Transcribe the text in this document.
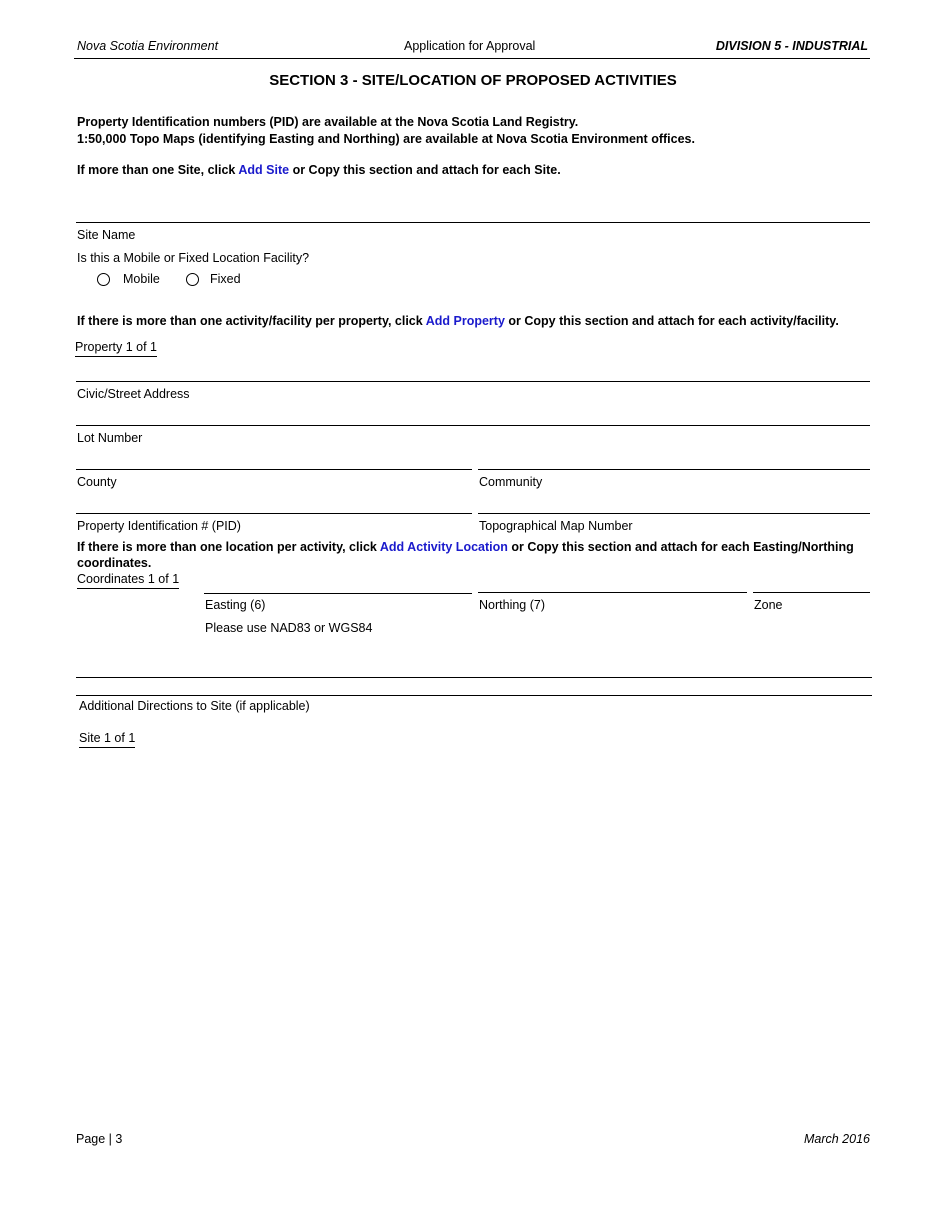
Nova Scotia Environment	Application for Approval	DIVISION 5 - INDUSTRIAL
SECTION 3 - SITE/LOCATION OF PROPOSED ACTIVITIES
Property Identification numbers (PID) are available at the Nova Scotia Land Registry.
1:50,000 Topo Maps (identifying Easting and Northing) are available at Nova Scotia Environment offices.
If more than one Site, click Add Site or Copy this section and attach for each Site.
Site Name
Is this a Mobile or Fixed Location Facility?
Mobile	Fixed
If there is more than one activity/facility per property, click Add Property or Copy this section and attach for each activity/facility.
Property 1 of 1
Civic/Street Address
Lot Number
County	Community
Property Identification # (PID)	Topographical Map Number
If there is more than one location per activity, click Add Activity Location or Copy this section and attach for each Easting/Northing
coordinates.
Coordinates 1 of 1
Easting (6)	Northing (7)	Zone
Please use NAD83 or WGS84
Additional Directions to Site (if applicable)
Site 1 of 1
Page | 3	March 2016
